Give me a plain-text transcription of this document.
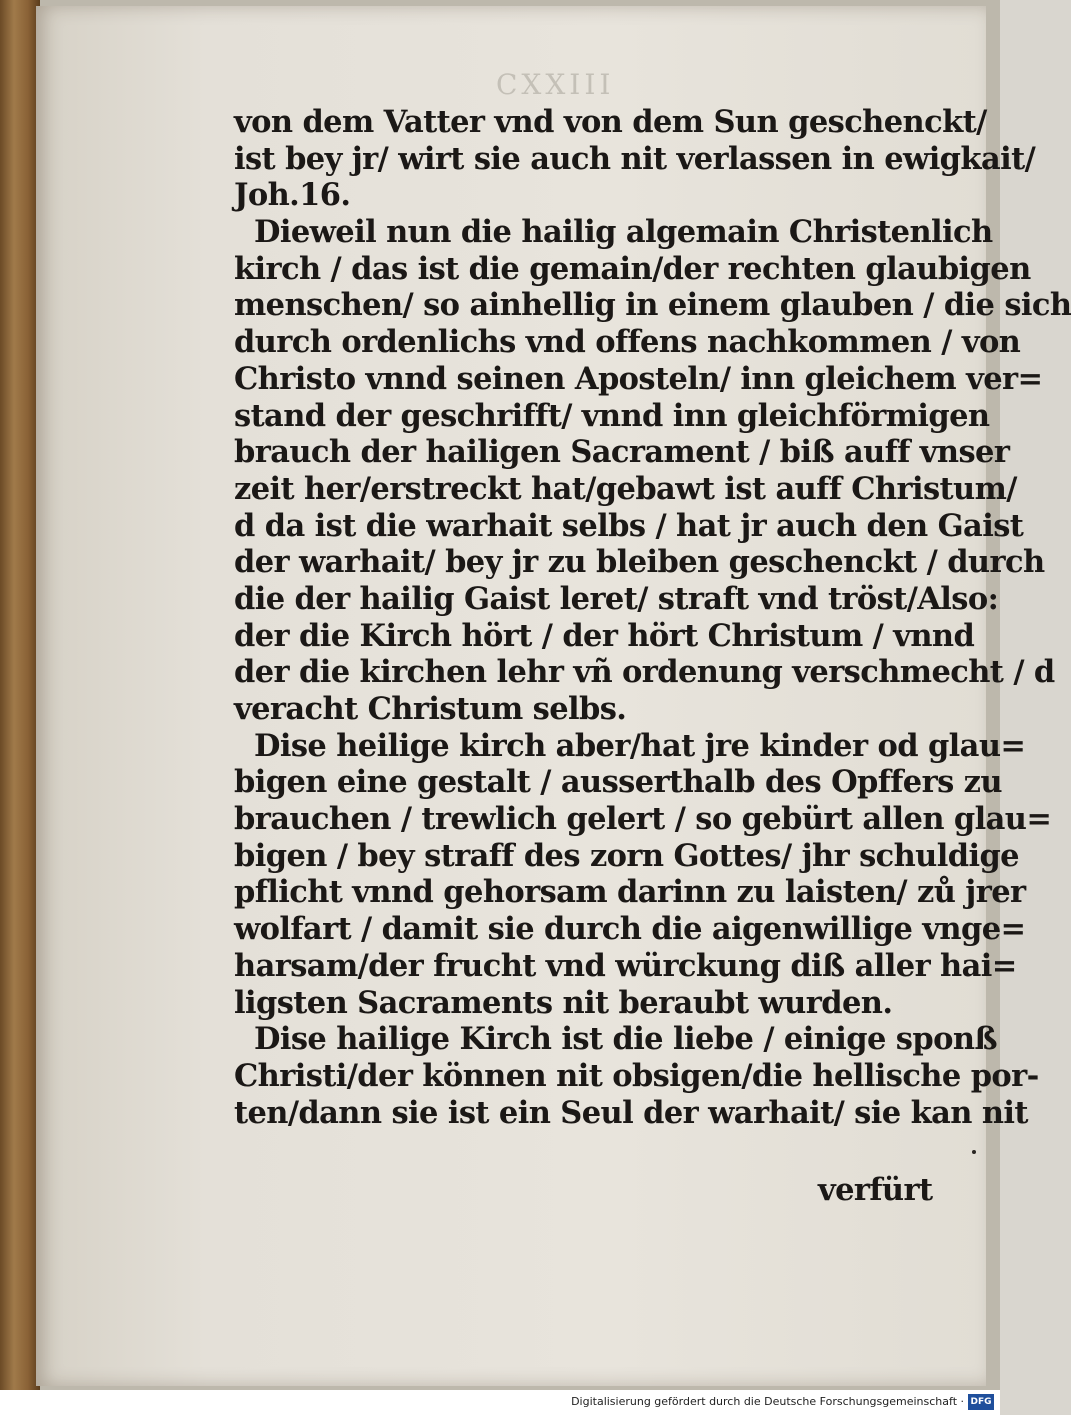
CXXIII
von dem Vatter vnd von dem Sun geschenckt/
ist bey jr/ wirt sie auch nit verlassen in ewigkait/
Joh.16.
Dieweil nun die hailig algemain Christenlich
kirch / das ist die gemain/der rechten glaubigen
menschen/ so ainhellig in einem glauben / die sich
durch ordenlichs vnd offens nachkommen / von
Christo vnnd seinen Aposteln/ inn gleichem ver=
stand der geschrifft/ vnnd inn gleichförmigen
brauch der hailigen Sacrament / biß auff vnser
zeit her/erstreckt hat/gebawt ist auff Christum/
d da ist die warhait selbs / hat jr auch den Gaist
der warhait/ bey jr zu bleiben geschenckt / durch
die der hailig Gaist leret/ straft vnd tröst/Also:
der die Kirch hört / der hört Christum / vnnd
der die kirchen lehr vñ ordenung verschmecht / d
veracht Christum selbs.
Dise heilige kirch aber/hat jre kinder od glau=
bigen eine gestalt / ausserthalb des Opffers zu
brauchen / trewlich gelert / so gebürt allen glau=
bigen / bey straff des zorn Gottes/ jhr schuldige
pflicht vnnd gehorsam darinn zu laisten/ zů jrer
wolfart / damit sie durch die aigenwillige vnge=
harsam/der frucht vnd würckung diß aller hai=
ligsten Sacraments nit beraubt wurden.
Dise hailige Kirch ist die liebe / einige sponß
Christi/der können nit obsigen/die hellische por-
ten/dann sie ist ein Seul der warhait/ sie kan nit
verfürt
Digitalisierung gefördert durch die Deutsche Forschungsgemeinschaft · DFG
